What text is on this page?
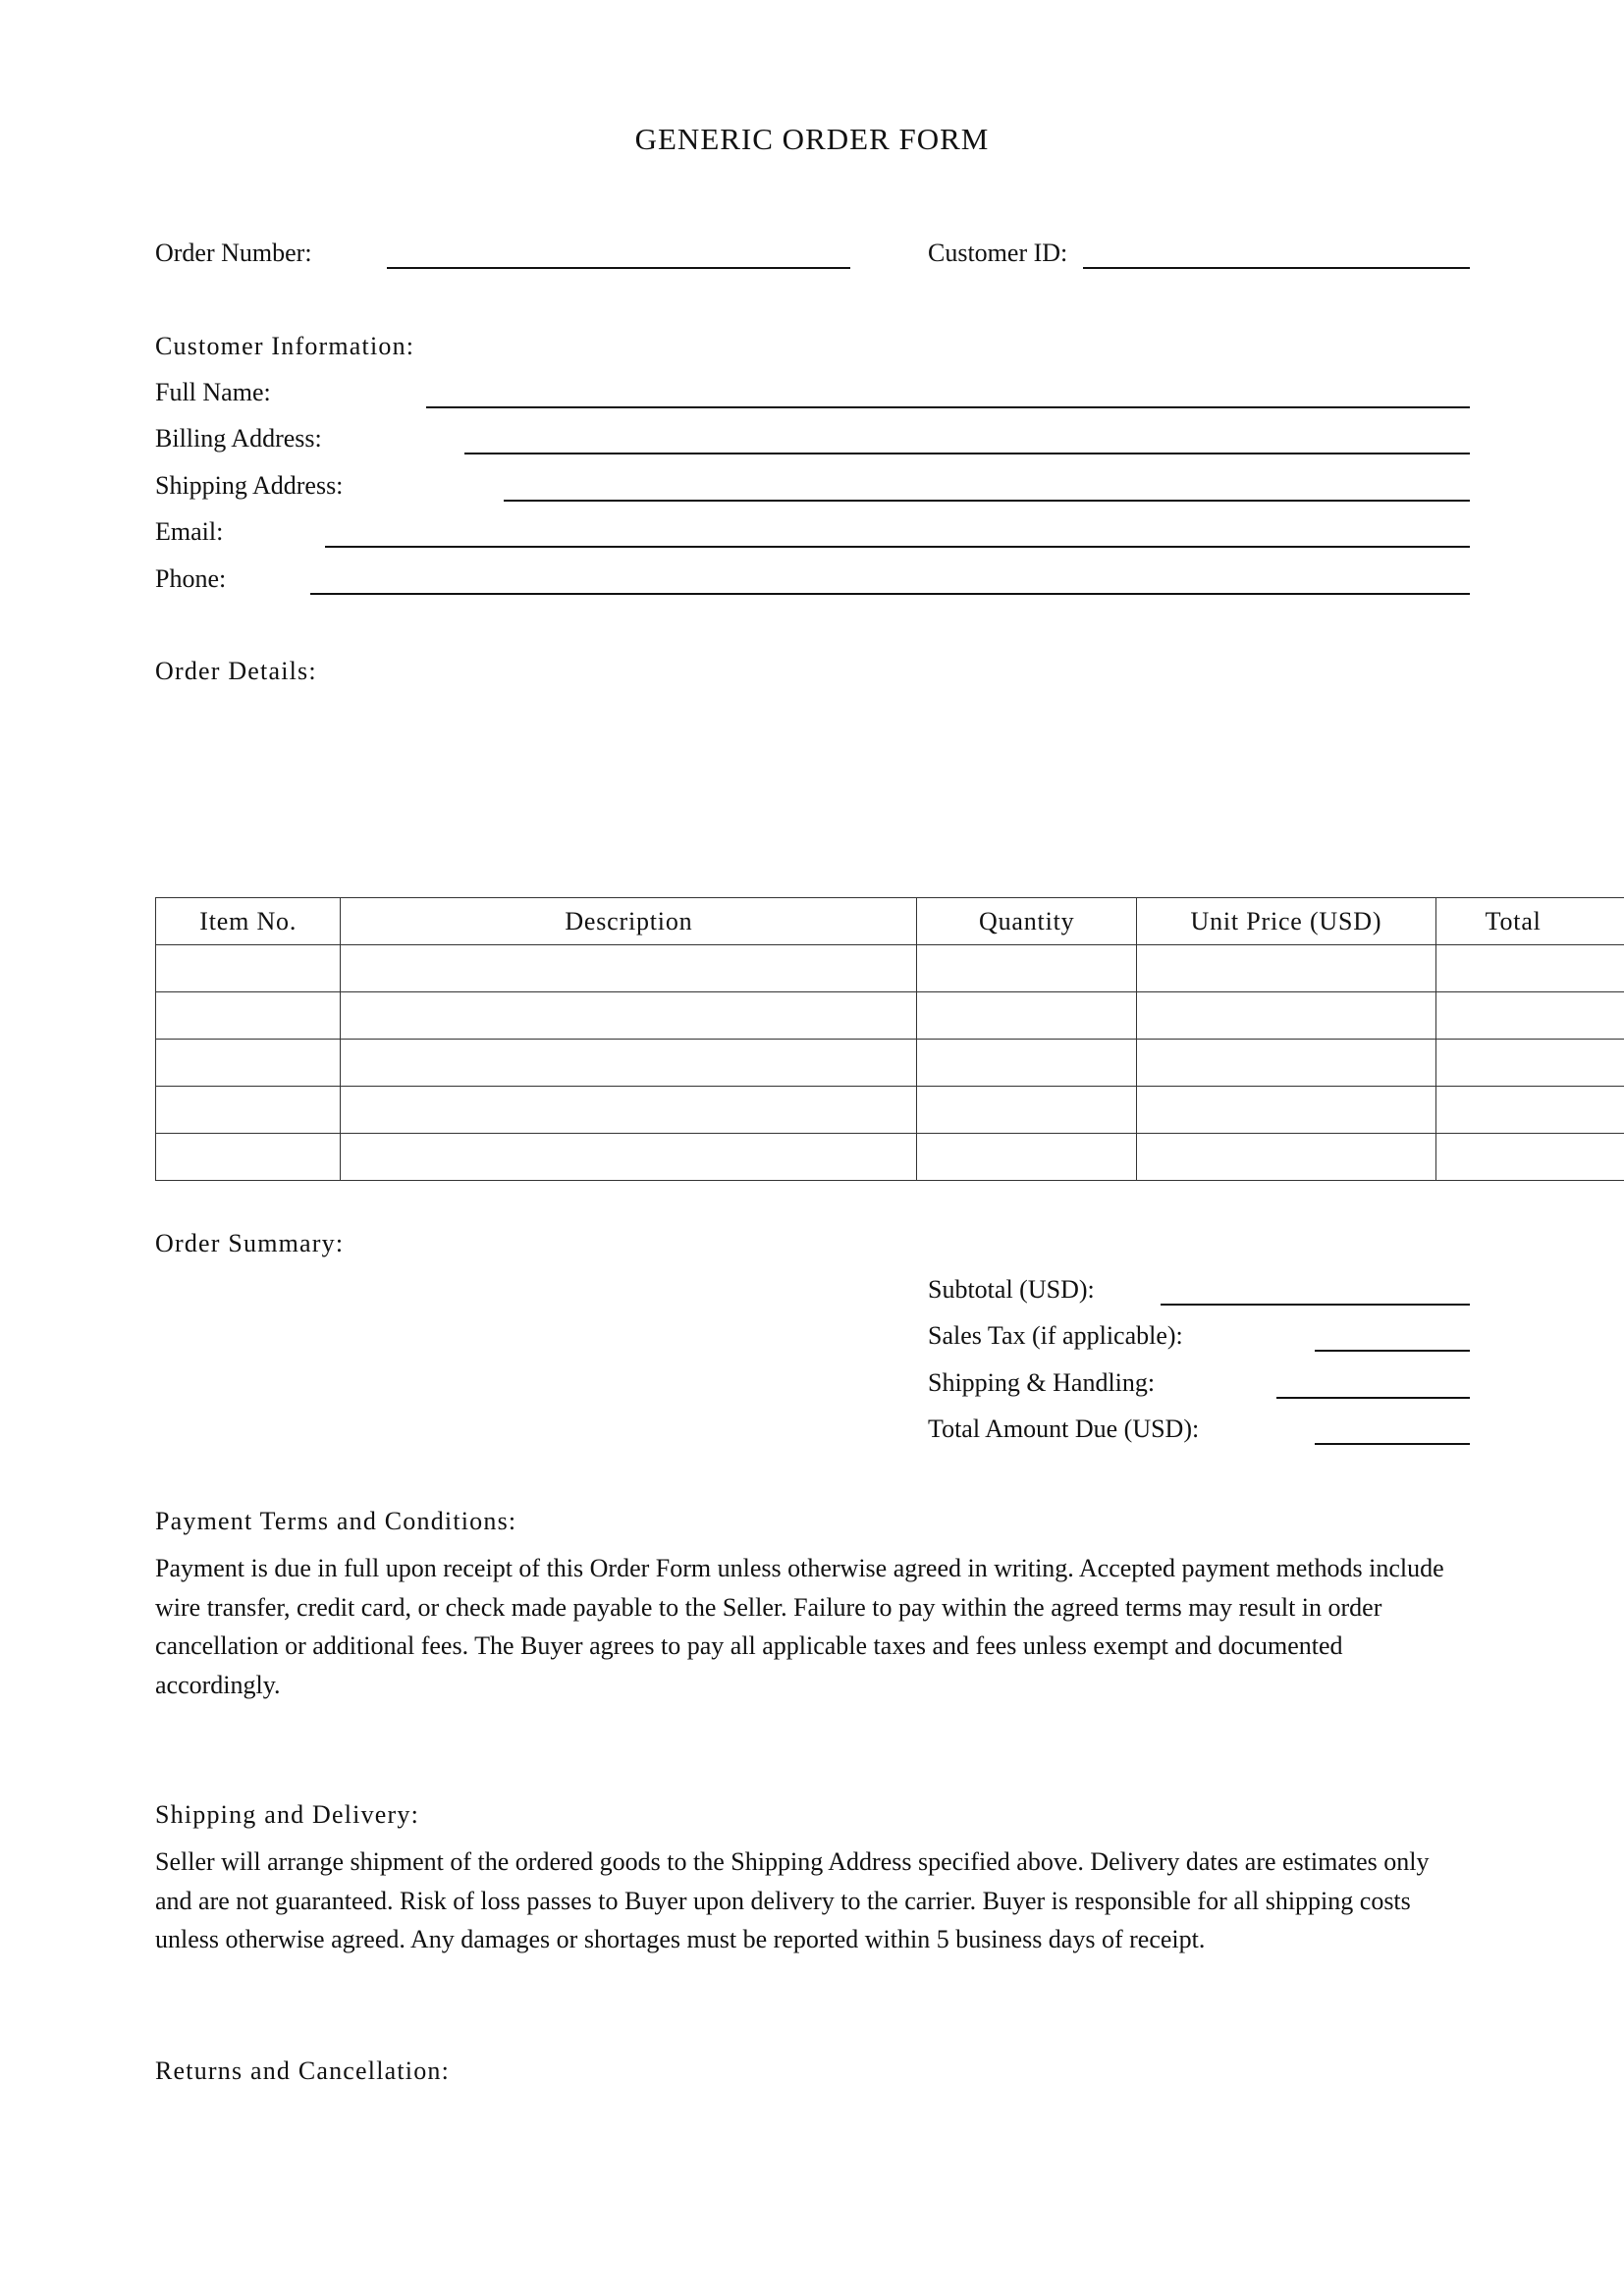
GENERIC ORDER FORM
Order Number:	Customer ID:
Customer Information:
Full Name:
Billing Address:
Shipping Address:
Email:
Phone:
Order Details:
Item No.	Description	Quantity	Unit Price (USD)	Total

Order Summary:
Subtotal (USD):
Sales Tax (if applicable):
Shipping & Handling:
Total Amount Due (USD):
Payment Terms and Conditions:
Payment is due in full upon receipt of this Order Form unless otherwise agreed in writing. Accepted payment methods include wire transfer, credit card, or check made payable to the Seller. Failure to pay within the agreed terms may result in order cancellation or additional fees. The Buyer agrees to pay all applicable taxes and fees unless exempt and documented accordingly.
Shipping and Delivery:
Seller will arrange shipment of the ordered goods to the Shipping Address specified above. Delivery dates are estimates only and are not guaranteed. Risk of loss passes to Buyer upon delivery to the carrier. Buyer is responsible for all shipping costs unless otherwise agreed. Any damages or shortages must be reported within 5 business days of receipt.
Returns and Cancellation:
